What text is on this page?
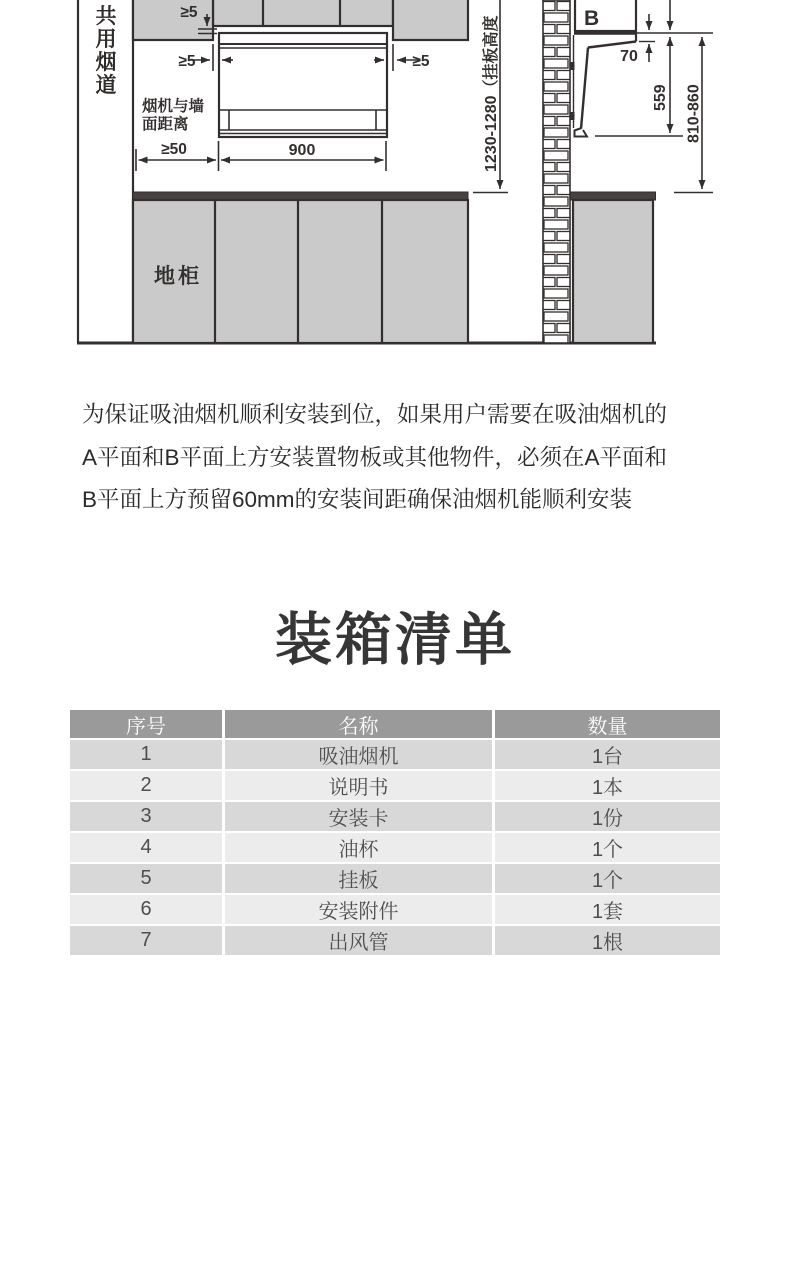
≥5
≥5	≥5
烟机与墙
面距离
≥50	900
地柜
B
70
1230-1280（挂板高度	559 810-860
共用烟道
为保证吸油烟机顺利安装到位，如果用户需要在吸油烟机的
A平面和B平面上方安装置物板或其他物件，必须在A平面和
B平面上方预留60mm的安装间距确保油烟机能顺利安装
装箱清单
序号	名称	数量
1	吸油烟机	1台
2	说明书	1本
3	安装卡	1份
4	油杯	1个
5	挂板	1个
6	安装附件	1套
7	出风管	1根
